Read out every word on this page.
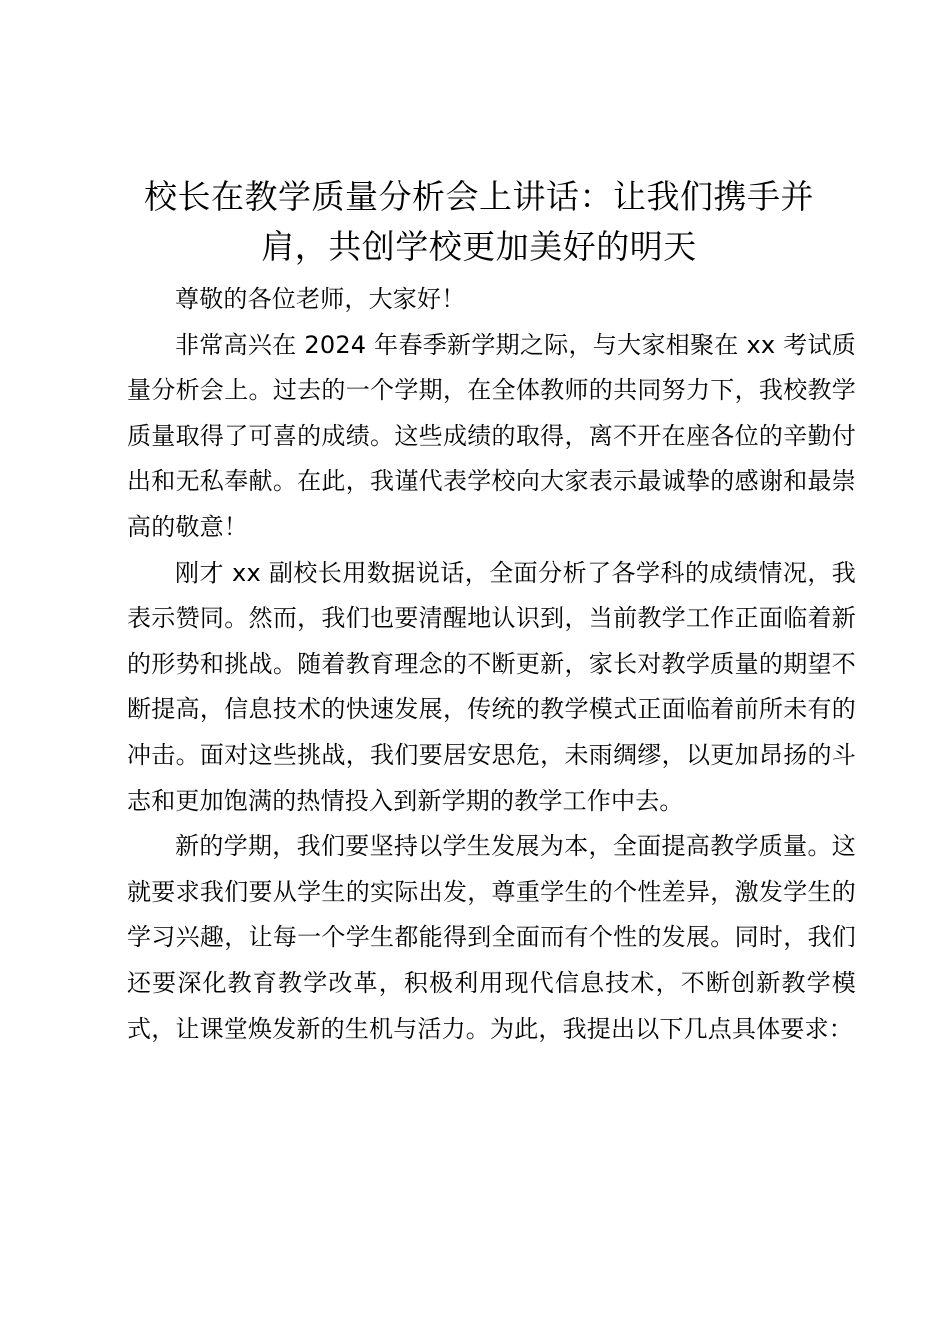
校长在教学质量分析会上讲话：让我们携手并肩，共创学校更加美好的明天

尊敬的各位老师，大家好！

非常高兴在 2024 年春季新学期之际，与大家相聚在 xx 考试质量分析会上。过去的一个学期，在全体教师的共同努力下，我校教学质量取得了可喜的成绩。这些成绩的取得，离不开在座各位的辛勤付出和无私奉献。在此，我谨代表学校向大家表示最诚挚的感谢和最崇高的敬意！

刚才 xx 副校长用数据说话，全面分析了各学科的成绩情况，我表示赞同。然而，我们也要清醒地认识到，当前教学工作正面临着新的形势和挑战。随着教育理念的不断更新，家长对教学质量的期望不断提高，信息技术的快速发展，传统的教学模式正面临着前所未有的冲击。面对这些挑战，我们要居安思危，未雨绸缪，以更加昂扬的斗志和更加饱满的热情投入到新学期的教学工作中去。

新的学期，我们要坚持以学生发展为本，全面提高教学质量。这就要求我们要从学生的实际出发，尊重学生的个性差异，激发学生的学习兴趣，让每一个学生都能得到全面而有个性的发展。同时，我们还要深化教育教学改革，积极利用现代信息技术，不断创新教学模式，让课堂焕发新的生机与活力。为此，我提出以下几点具体要求：
